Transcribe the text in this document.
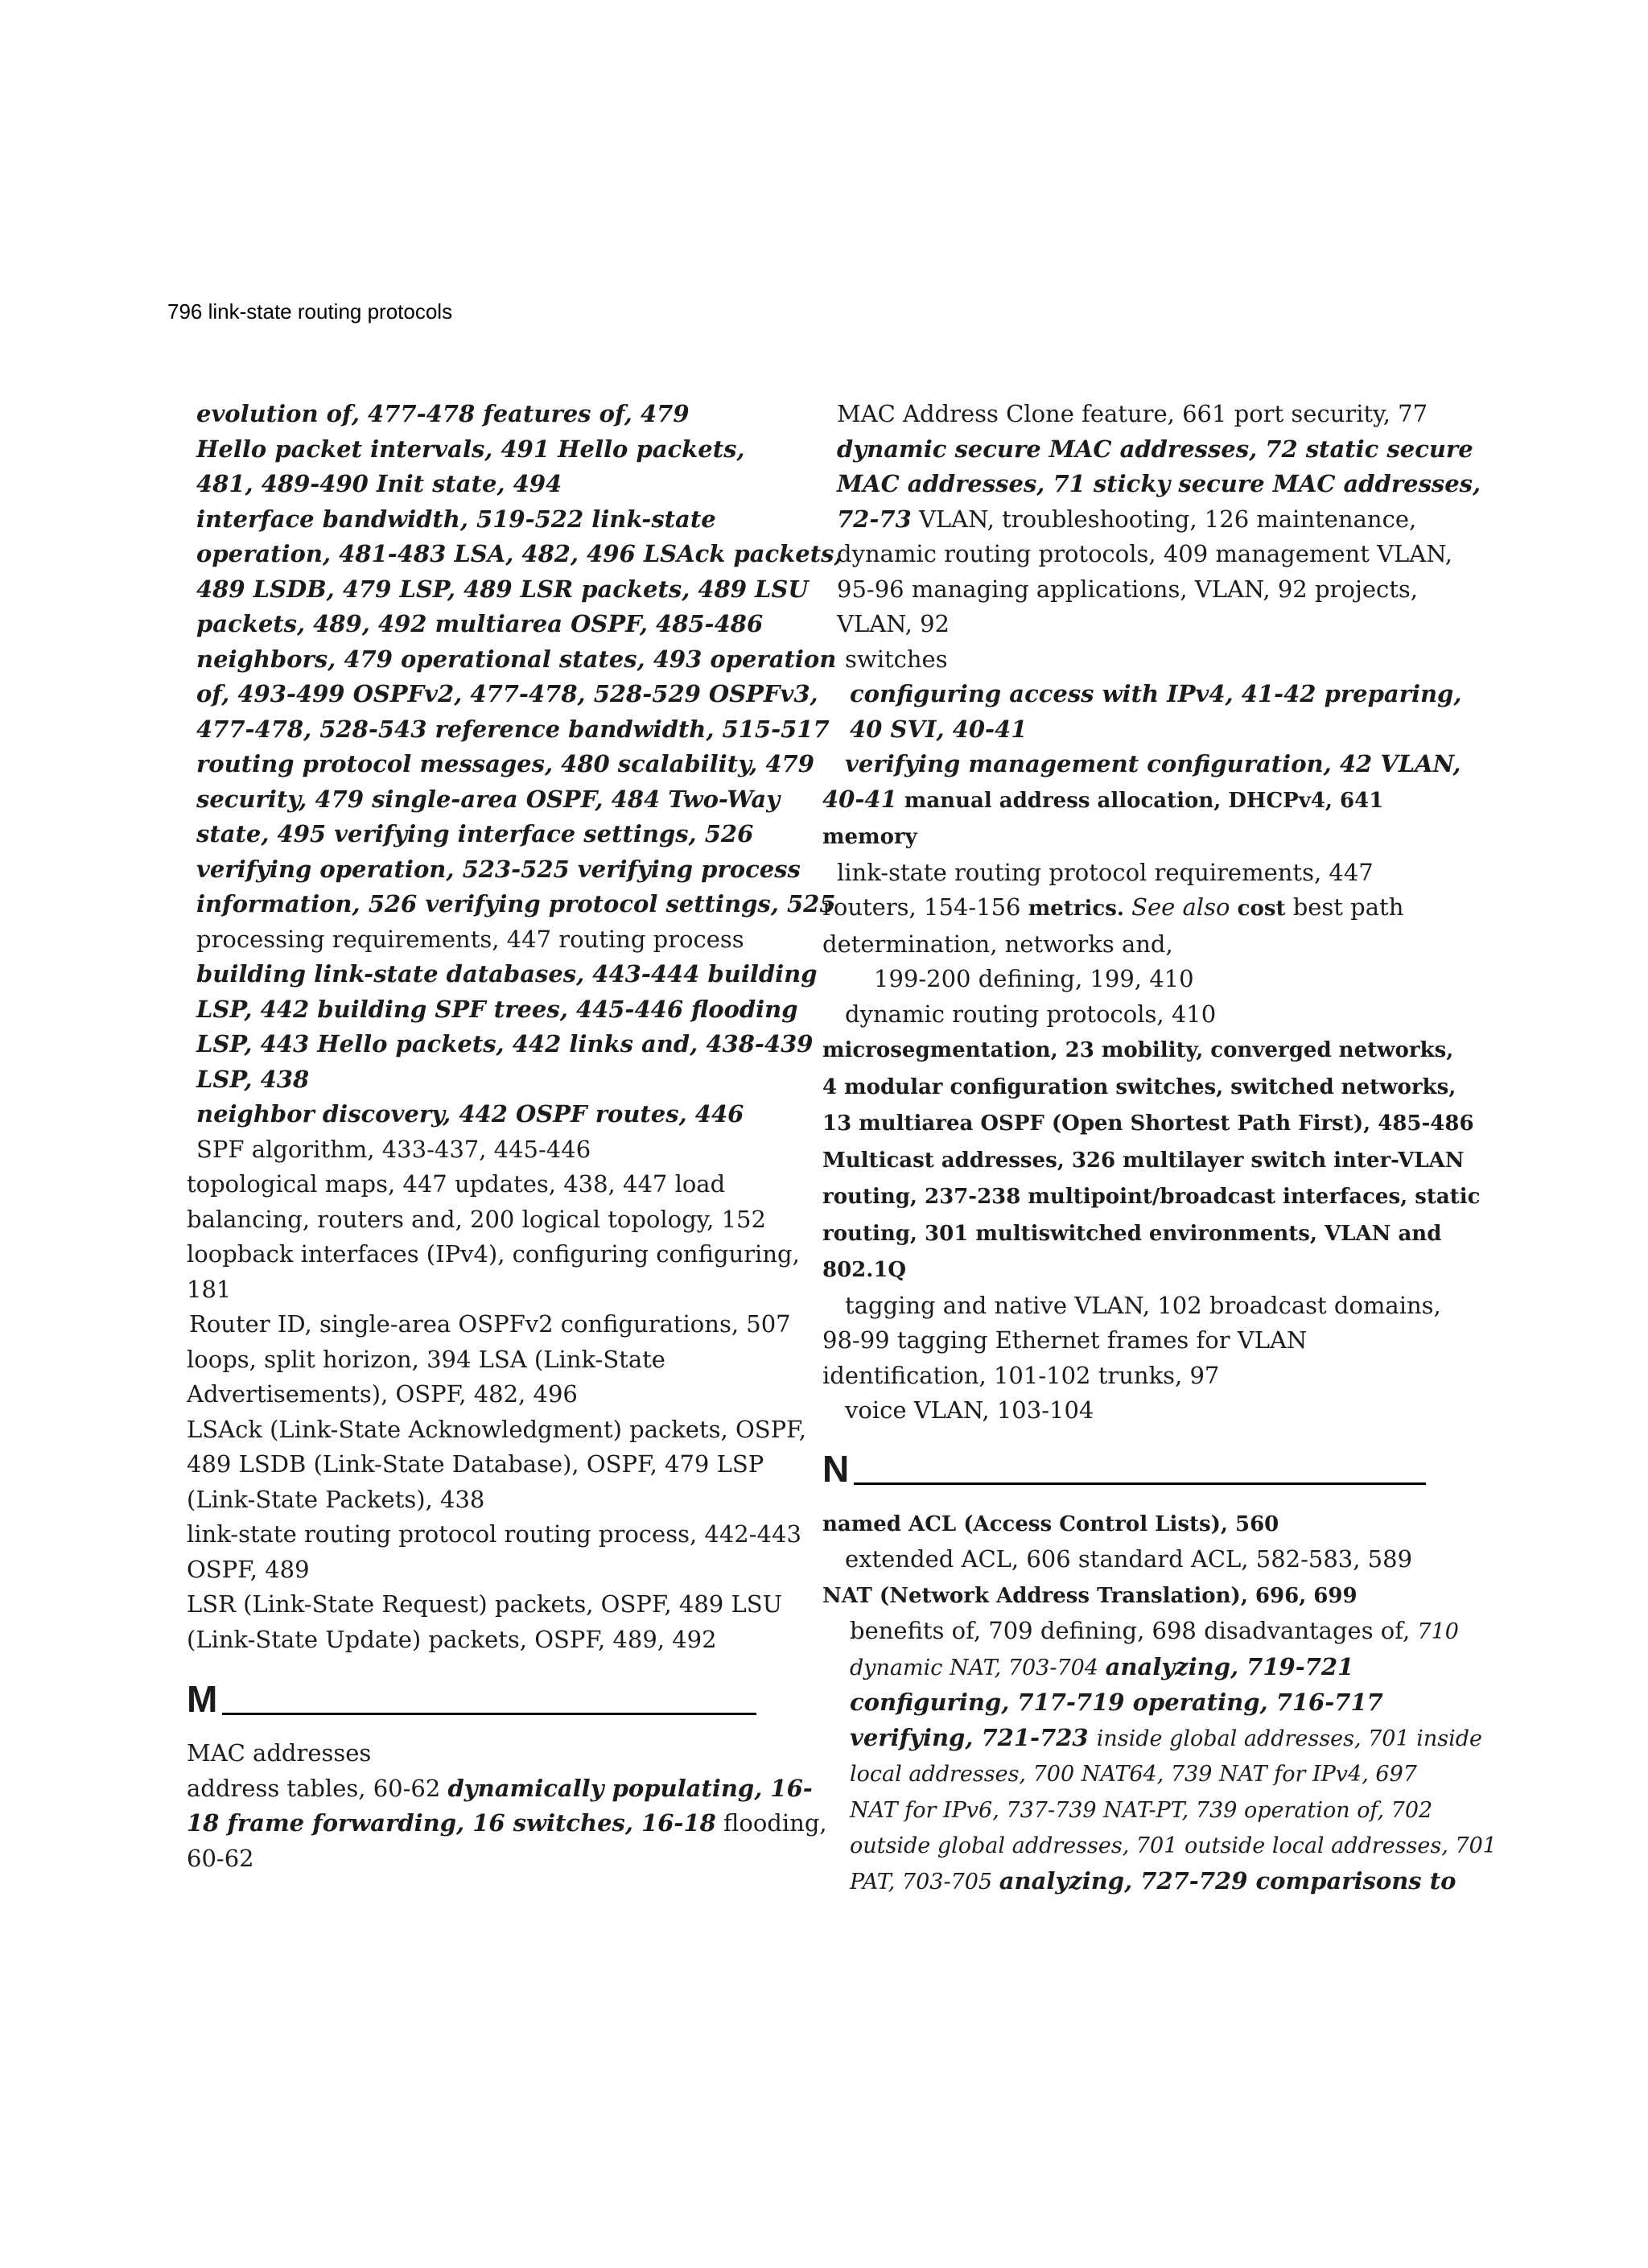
796 link-state routing protocols
evolution of, 477-478 features of, 479
Hello packet intervals, 491 Hello packets,
481, 489-490 Init state, 494
interface bandwidth, 519-522 link-state
operation, 481-483 LSA, 482, 496 LSAck packets,
489 LSDB, 479 LSP, 489 LSR packets, 489 LSU
packets, 489, 492 multiarea OSPF, 485-486
neighbors, 479 operational states, 493 operation
of, 493-499 OSPFv2, 477-478, 528-529 OSPFv3,
477-478, 528-543 reference bandwidth, 515-517
routing protocol messages, 480 scalability, 479
security, 479 single-area OSPF, 484 Two-Way
state, 495 verifying interface settings, 526
verifying operation, 523-525 verifying process
information, 526 verifying protocol settings, 525
processing requirements, 447 routing process
building link-state databases, 443-444 building
LSP, 442 building SPF trees, 445-446 flooding
LSP, 443 Hello packets, 442 links and, 438-439
LSP, 438
neighbor discovery, 442 OSPF routes, 446
SPF algorithm, 433-437, 445-446
topological maps, 447 updates, 438, 447 load
balancing, routers and, 200 logical topology, 152
loopback interfaces (IPv4), configuring configuring,
181
Router ID, single-area OSPFv2 configurations, 507
loops, split horizon, 394 LSA (Link-State
Advertisements), OSPF, 482, 496
LSAck (Link-State Acknowledgment) packets, OSPF,
489 LSDB (Link-State Database), OSPF, 479 LSP
(Link-State Packets), 438
link-state routing protocol routing process, 442-443
OSPF, 489
LSR (Link-State Request) packets, OSPF, 489 LSU
(Link-State Update) packets, OSPF, 489, 492
M
MAC addresses
address tables, 60-62 dynamically populating, 16-
18 frame forwarding, 16 switches, 16-18 flooding,
60-62
MAC Address Clone feature, 661 port security, 77
dynamic secure MAC addresses, 72 static secure
MAC addresses, 71 sticky secure MAC addresses,
72-73 VLAN, troubleshooting, 126 maintenance,
dynamic routing protocols, 409 management VLAN,
95-96 managing applications, VLAN, 92 projects,
VLAN, 92
switches
configuring access with IPv4, 41-42 preparing,
40 SVI, 40-41
verifying management configuration, 42 VLAN,
40-41 manual address allocation, DHCPv4, 641
memory
link-state routing protocol requirements, 447
routers, 154-156 metrics. See also cost best path
determination, networks and,
199-200 defining, 199, 410
dynamic routing protocols, 410
microsegmentation, 23 mobility, converged networks,
4 modular configuration switches, switched networks,
13 multiarea OSPF (Open Shortest Path First), 485-486
Multicast addresses, 326 multilayer switch inter-VLAN
routing, 237-238 multipoint/broadcast interfaces, static
routing, 301 multiswitched environments, VLAN and
802.1Q
tagging and native VLAN, 102 broadcast domains,
98-99 tagging Ethernet frames for VLAN
identification, 101-102 trunks, 97
voice VLAN, 103-104
N
named ACL (Access Control Lists), 560
extended ACL, 606 standard ACL, 582-583, 589
NAT (Network Address Translation), 696, 699
benefits of, 709 defining, 698 disadvantages of, 710
dynamic NAT, 703-704 analyzing, 719-721
configuring, 717-719 operating, 716-717
verifying, 721-723 inside global addresses, 701 inside
local addresses, 700 NAT64, 739 NAT for IPv4, 697
NAT for IPv6, 737-739 NAT-PT, 739 operation of, 702
outside global addresses, 701 outside local addresses, 701
PAT, 703-705 analyzing, 727-729 comparisons to
